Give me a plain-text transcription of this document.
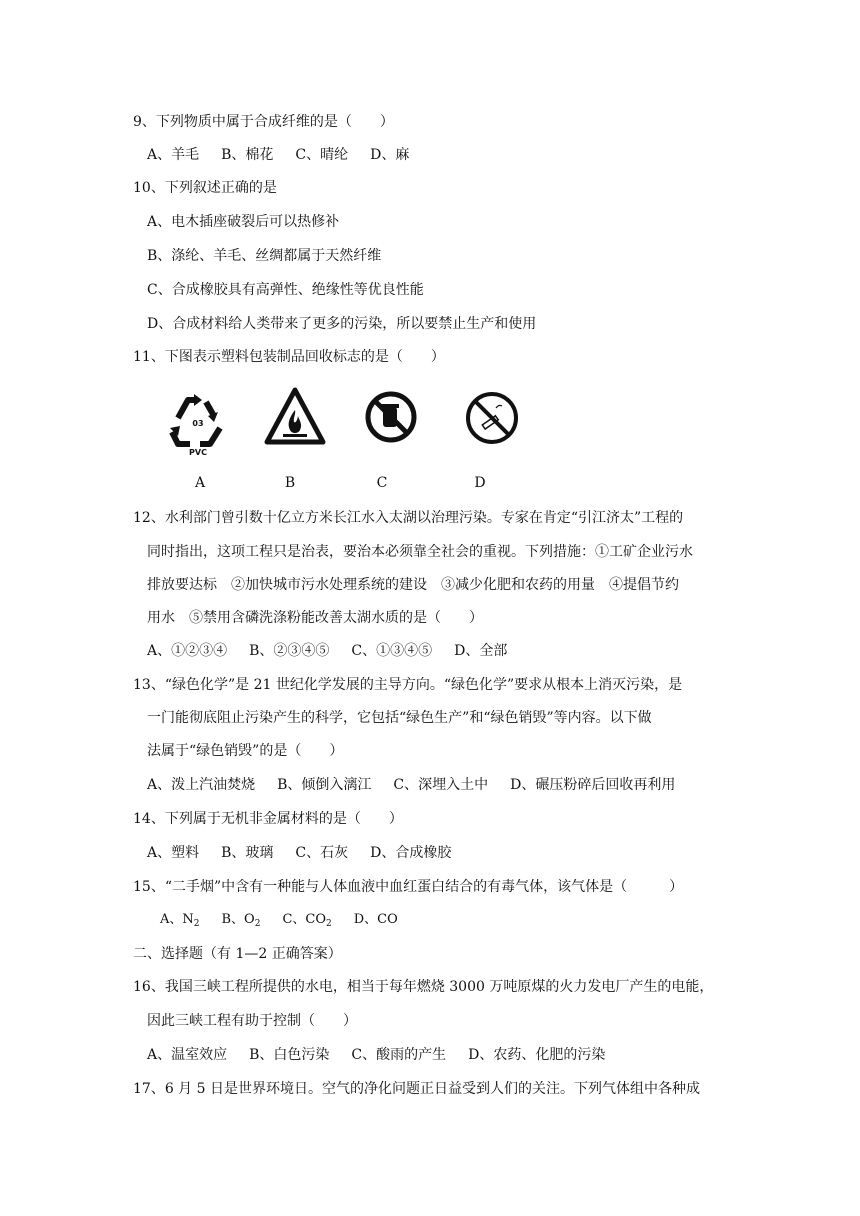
9、下列物质中属于合成纤维的是（　　）
A、羊毛 B、棉花 C、晴纶 D、麻
10、下列叙述正确的是
A、电木插座破裂后可以热修补
B、涤纶、羊毛、丝绸都属于天然纤维
C、合成橡胶具有高弹性、绝缘性等优良性能
D、合成材料给人类带来了更多的污染，所以要禁止生产和使用
11、下图表示塑料包装制品回收标志的是（　　）
03
PVC
A	B	C	D
12、水利部门曾引数十亿立方米长江水入太湖以治理污染。专家在肯定“引江济太”工程的
同时指出，这项工程只是治表，要治本必须靠全社会的重视。下列措施：①工矿企业污水
排放要达标　②加快城市污水处理系统的建设　③减少化肥和农药的用量　④提倡节约
用水　⑤禁用含磷洗涤粉能改善太湖水质的是（　　）
A、①②③④ B、②③④⑤ C、①③④⑤ D、全部
13、“绿色化学”是 21 世纪化学发展的主导方向。“绿色化学”要求从根本上消灭污染，是
一门能彻底阻止污染产生的科学，它包括“绿色生产”和“绿色销毁”等内容。以下做
法属于“绿色销毁”的是（　　）
A、泼上汽油焚烧 B、倾倒入漓江 C、深埋入土中 D、碾压粉碎后回收再利用
14、下列属于无机非金属材料的是（　　）
A、塑料 B、玻璃 C、石灰 D、合成橡胶
15、“二手烟”中含有一种能与人体血液中血红蛋白结合的有毒气体，该气体是（　　　）
A、$N_2$ B、$O_2$ C、$CO_2$ D、CO
二、选择题（有 1—2 正确答案）
16、我国三峡工程所提供的水电，相当于每年燃烧 3000 万吨原煤的火力发电厂产生的电能，
因此三峡工程有助于控制（　　）
A、温室效应 B、白色污染 C、酸雨的产生 D、农药、化肥的污染
17、6 月 5 日是世界环境日。空气的净化问题正日益受到人们的关注。下列气体组中各种成
